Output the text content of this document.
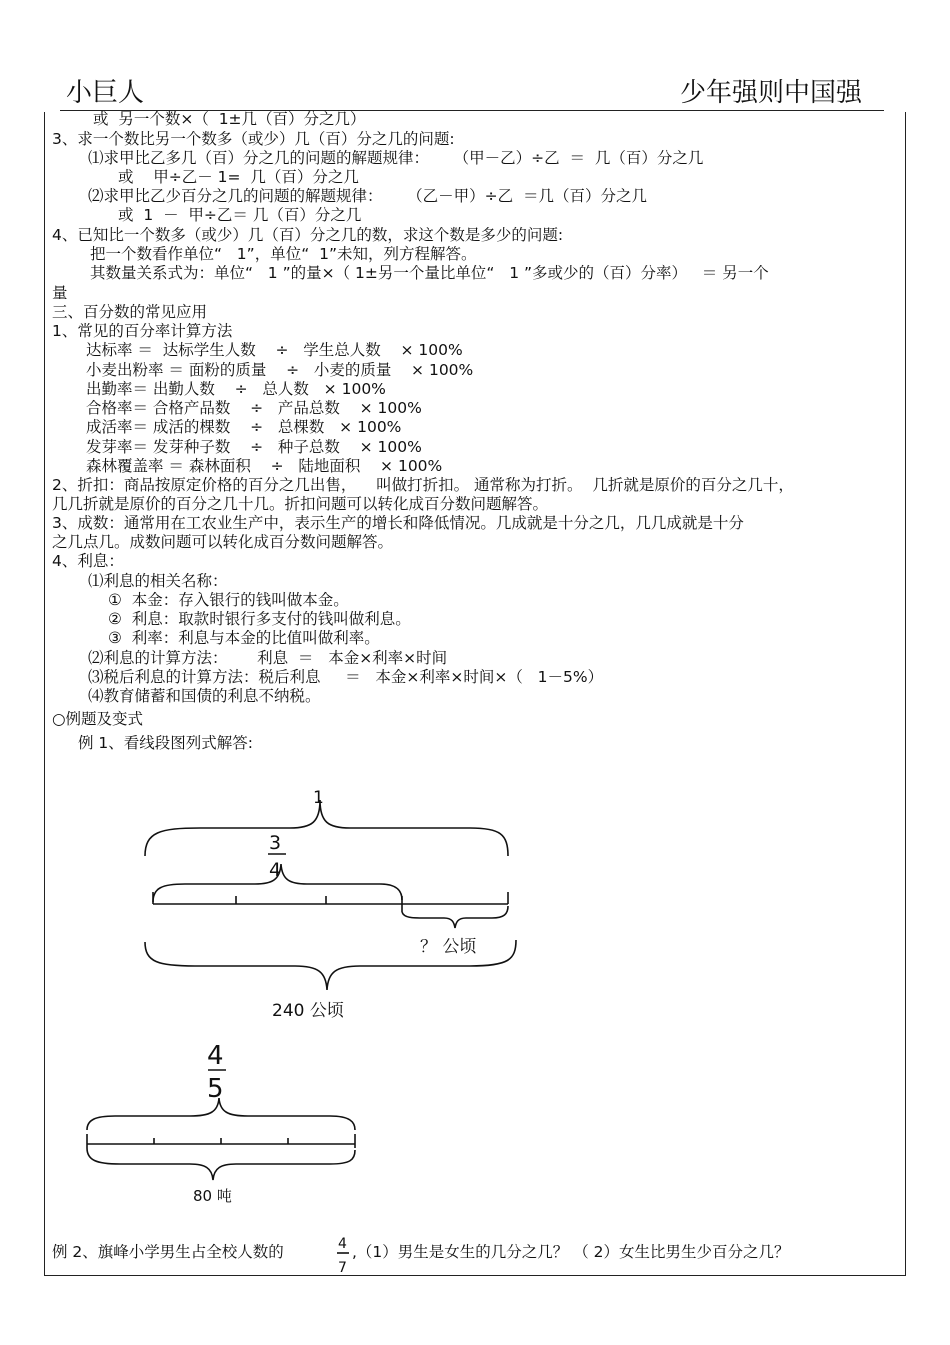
小巨人	少年强则中国强
或  另一个数×（  1±几（百）分之几）
3、求一个数比另一个数多（或少）几（百）分之几的问题:
⑴求甲比乙多几（百）分之几的问题的解题规律：     （甲－乙）÷乙  ＝  几（百）分之几
或    甲÷乙－ 1=  几（百）分之几
⑵求甲比乙少百分之几的问题的解题规律：     （乙－甲）÷乙  ＝几（百）分之几
或  1  －  甲÷乙＝ 几（百）分之几
4、已知比一个数多（或少）几（百）分之几的数，求这个数是多少的问题:
把一个数看作单位“   1”，单位“  1”未知，列方程解答。
其数量关系式为：单位“   1 ”的量×（ 1±另一个量比单位“   1 ”多或少的（百）分率）   ＝ 另一个
量
三、百分数的常见应用
1、常见的百分率计算方法
达标率 ＝  达标学生人数    ÷   学生总人数    × 100%
小麦出粉率 ＝ 面粉的质量    ÷   小麦的质量    × 100%
出勤率＝ 出勤人数    ÷   总人数   × 100%
合格率＝ 合格产品数    ÷   产品总数    × 100%
成活率＝ 成活的棵数    ÷   总棵数   × 100%
发芽率＝ 发芽种子数    ÷   种子总数    × 100%
森林覆盖率 ＝ 森林面积    ÷   陆地面积    × 100%
2、折扣：商品按原定价格的百分之几出售，    叫做打折扣。 通常称为打折。  几折就是原价的百分之几十，
几几折就是原价的百分之几十几。折扣问题可以转化成百分数问题解答。
3、成数：通常用在工农业生产中，表示生产的增长和降低情况。几成就是十分之几，几几成就是十分
之几点几。成数问题可以转化成百分数问题解答。
4、利息：
⑴利息的相关名称：
①  本金：存入银行的钱叫做本金。
②  利息：取款时银行多支付的钱叫做利息。
③  利率：利息与本金的比值叫做利率。
⑵利息的计算方法：      利息  ＝   本金×利率×时间
⑶税后利息的计算方法：税后利息     ＝   本金×利率×时间×（   1－5%）
⑷教育储蓄和国债的利息不纳税。
○例题及变式
例 1、看线段图列式解答:
1
3
4
？ 公顷
240 公顷
4
5
80 吨
例 2、旗峰小学男生占全校人数的	4
7
,（1）男生是女生的几分之几？ （ 2）女生比男生少百分之几？
